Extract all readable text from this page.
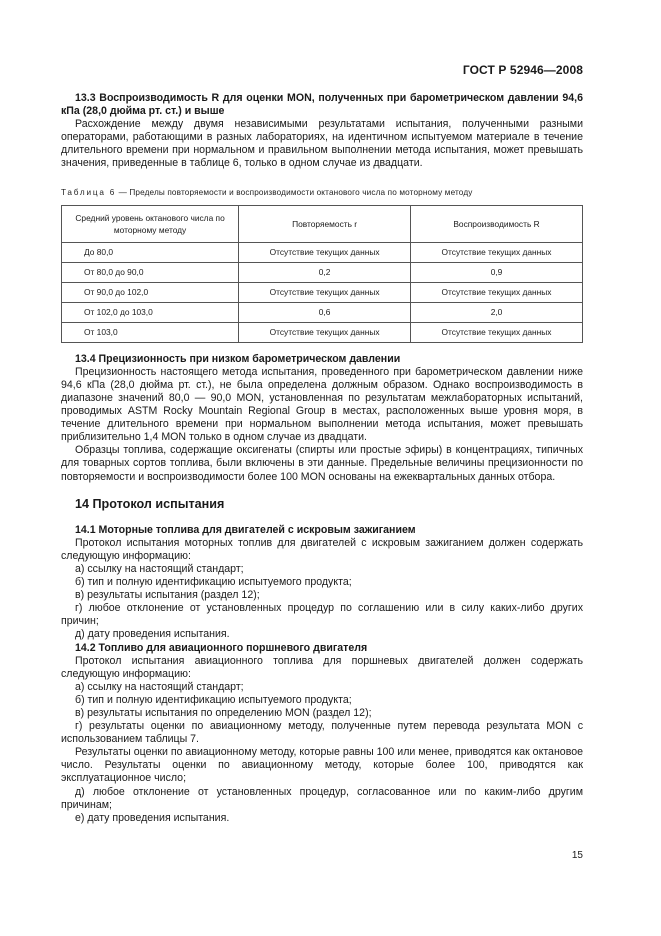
ГОСТ Р 52946—2008

13.3 Воспроизводимость R для оценки MON, полученных при барометрическом давлении 94,6 кПа (28,0 дюйма рт. ст.) и выше

Расхождение между двумя независимыми результатами испытания, полученными разными операторами, работающими в разных лабораториях, на идентичном испытуемом материале в течение длительного времени при нормальном и правильном выполнении метода испытания, может превышать значения, приведенные в таблице 6, только в одном случае из двадцати.

Таблица 6 — Пределы повторяемости и воспроизводимости октанового числа по моторному методу

Средний уровень октанового числа по моторному методу	Повторяемость r	Воспроизводимость R
До 80,0	Отсутствие текущих данных	Отсутствие текущих данных
От 80,0 до 90,0	0,2	0,9
От 90,0 до 102,0	Отсутствие текущих данных	Отсутствие текущих данных
От 102,0 до 103,0	0,6	2,0
От 103,0	Отсутствие текущих данных	Отсутствие текущих данных

13.4 Прецизионность при низком барометрическом давлении

Прецизионность настоящего метода испытания, проведенного при барометрическом давлении ниже 94,6 кПа (28,0 дюйма рт. ст.), не была определена должным образом. Однако воспроизводимость в диапазоне значений 80,0 — 90,0 MON, установленная по результатам межлабораторных испытаний, проводимых ASTM Rocky Mountain Regional Group в местах, расположенных выше уровня моря, в течение длительного времени при нормальном выполнении метода испытания, может превышать приблизительно 1,4 MON только в одном случае из двадцати.

Образцы топлива, содержащие оксигенаты (спирты или простые эфиры) в концентрациях, типичных для товарных сортов топлива, были включены в эти данные. Предельные величины прецизионности по повторяемости и воспроизводимости более 100 MON основаны на ежеквартальных данных отбора.

14 Протокол испытания

14.1 Моторные топлива для двигателей с искровым зажиганием

Протокол испытания моторных топлив для двигателей с искровым зажиганием должен содержать следующую информацию:

а) ссылку на настоящий стандарт;

б) тип и полную идентификацию испытуемого продукта;

в) результаты испытания (раздел 12);

г) любое отклонение от установленных процедур по соглашению или в силу каких-либо других причин;

д) дату проведения испытания.

14.2 Топливо для авиационного поршневого двигателя

Протокол испытания авиационного топлива для поршневых двигателей должен содержать следующую информацию:

а) ссылку на настоящий стандарт;

б) тип и полную идентификацию испытуемого продукта;

в) результаты испытания по определению MON (раздел 12);

г) результаты оценки по авиационному методу, полученные путем перевода результата MON с использованием таблицы 7.

Результаты оценки по авиационному методу, которые равны 100 или менее, приводятся как октановое число. Результаты оценки по авиационному методу, которые более 100, приводятся как эксплуатационное число;

д) любое отклонение от установленных процедур, согласованное или по каким-либо другим причинам;

е) дату проведения испытания.

15
